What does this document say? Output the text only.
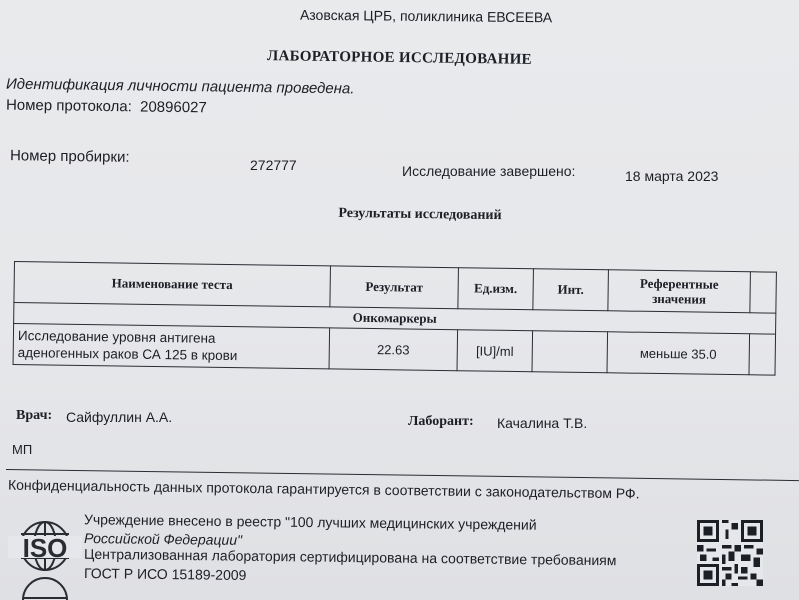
Азовская ЦРБ, поликлиника ЕВСЕЕВА
ЛАБОРАТОРНОЕ ИССЛЕДОВАНИЕ
Идентификация личности пациента проведена.
Номер протокола: 20896027
Номер пробирки:	272777	Исследование завершено:	18 марта 2023
Результаты исследований
Наименование теста	Результат	Ед.изм.	Инт.	Референтные
значения	

Онкомаркеры					

Исследование уровня антигена
аденогенных раков СА 125 в крови	22.63	[IU]/ml		меньше 35.0	
Врач: Сайфуллин А.А.	Лаборант: Качалина Т.В.
МП
Конфиденциальность данных протокола гарантируется в соответствии с законодательством РФ.
ISO
Учреждение внесено в реестр "100 лучших медицинских учреждений
Российской Федерации"
Централизованная лаборатория сертифицирована на соответствие требованиям
ГОСТ Р ИСО 15189-2009
